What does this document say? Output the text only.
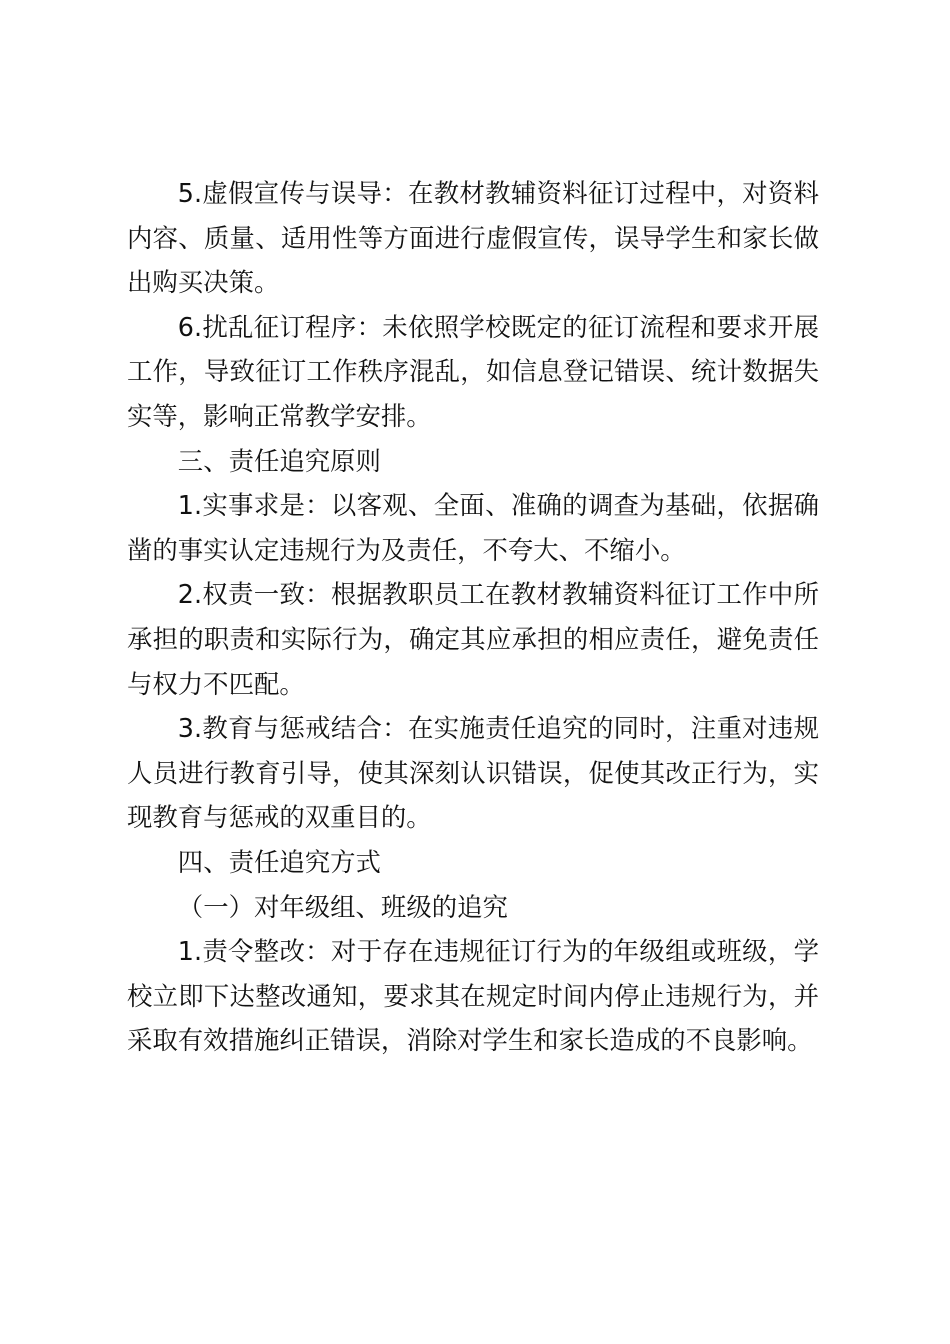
5.虚假宣传与误导：在教材教辅资料征订过程中，对资料内容、质量、适用性等方面进行虚假宣传，误导学生和家长做出购买决策。

6.扰乱征订程序：未依照学校既定的征订流程和要求开展工作，导致征订工作秩序混乱，如信息登记错误、统计数据失实等，影响正常教学安排。

三、责任追究原则

1.实事求是：以客观、全面、准确的调查为基础，依据确凿的事实认定违规行为及责任，不夸大、不缩小。

2.权责一致：根据教职员工在教材教辅资料征订工作中所承担的职责和实际行为，确定其应承担的相应责任，避免责任与权力不匹配。

3.教育与惩戒结合：在实施责任追究的同时，注重对违规人员进行教育引导，使其深刻认识错误，促使其改正行为，实现教育与惩戒的双重目的。

四、责任追究方式

（一）对年级组、班级的追究

1.责令整改：对于存在违规征订行为的年级组或班级，学校立即下达整改通知，要求其在规定时间内停止违规行为，并采取有效措施纠正错误，消除对学生和家长造成的不良影响。
